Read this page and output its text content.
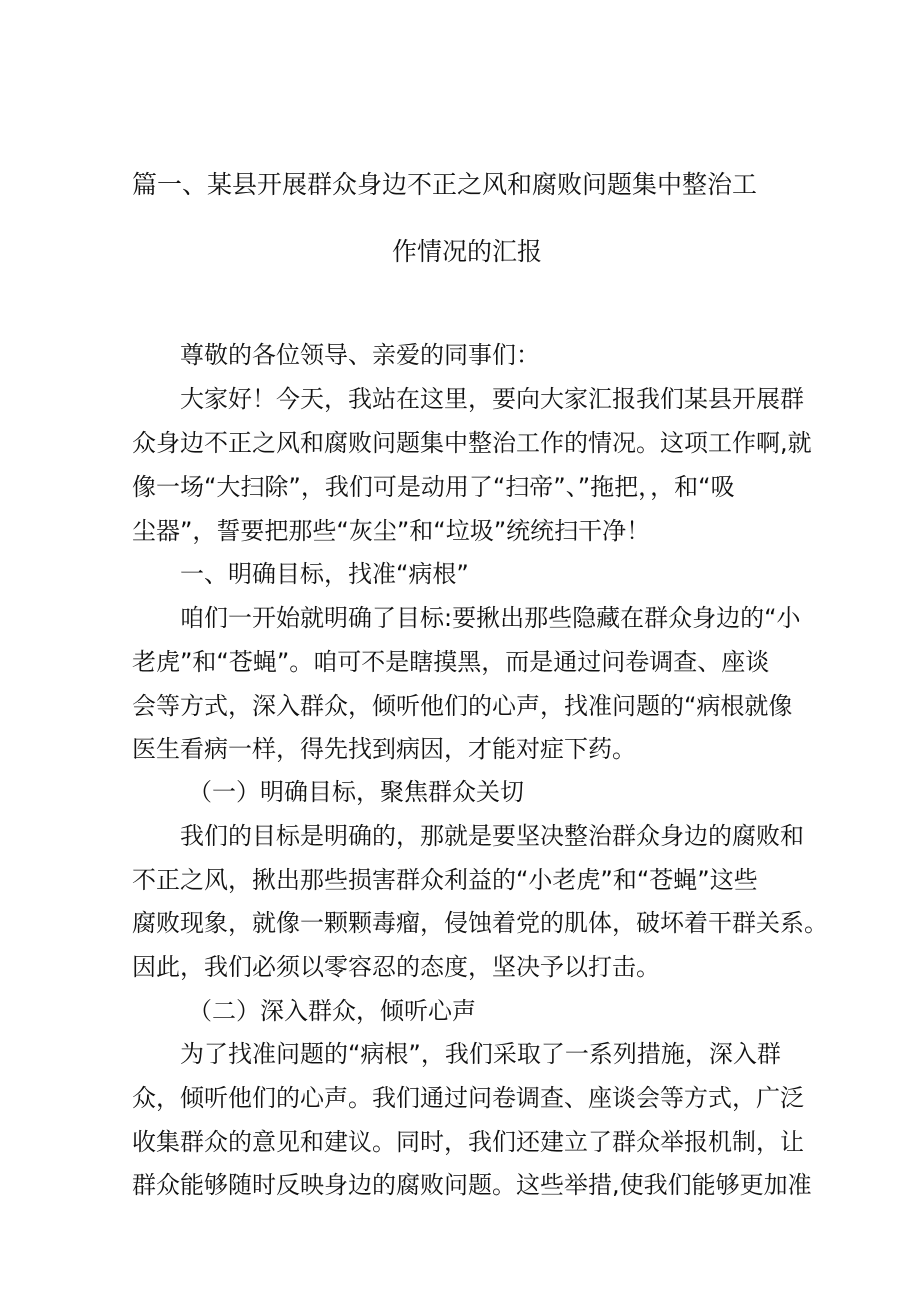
篇一、某县开展群众身边不正之风和腐败问题集中整治工
作情况的汇报
尊敬的各位领导、亲爱的同事们：
大家好！今天，我站在这里，要向大家汇报我们某县开展群
众身边不正之风和腐败问题集中整治工作的情况。这项工作啊,就
像一场“大扫除”，我们可是动用了“扫帝”、”拖把，，和“吸
尘器”，誓要把那些“灰尘”和“垃圾”统统扫干净！
一、明确目标，找准“病根”
咱们一开始就明确了目标:要揪出那些隐藏在群众身边的“小
老虎”和“苍蝇”。咱可不是瞎摸黑，而是通过问卷调查、座谈
会等方式，深入群众，倾听他们的心声，找准问题的“病根就像
医生看病一样，得先找到病因，才能对症下药。
（一）明确目标，聚焦群众关切
我们的目标是明确的，那就是要坚决整治群众身边的腐败和
不正之风，揪出那些损害群众利益的“小老虎”和“苍蝇”这些
腐败现象，就像一颗颗毒瘤，侵蚀着党的肌体，破坏着干群关系。
因此，我们必须以零容忍的态度，坚决予以打击。
（二）深入群众，倾听心声
为了找准问题的“病根”，我们采取了一系列措施，深入群
众，倾听他们的心声。我们通过问卷调查、座谈会等方式，广泛
收集群众的意见和建议。同时，我们还建立了群众举报机制，让
群众能够随时反映身边的腐败问题。这些举措,使我们能够更加准
